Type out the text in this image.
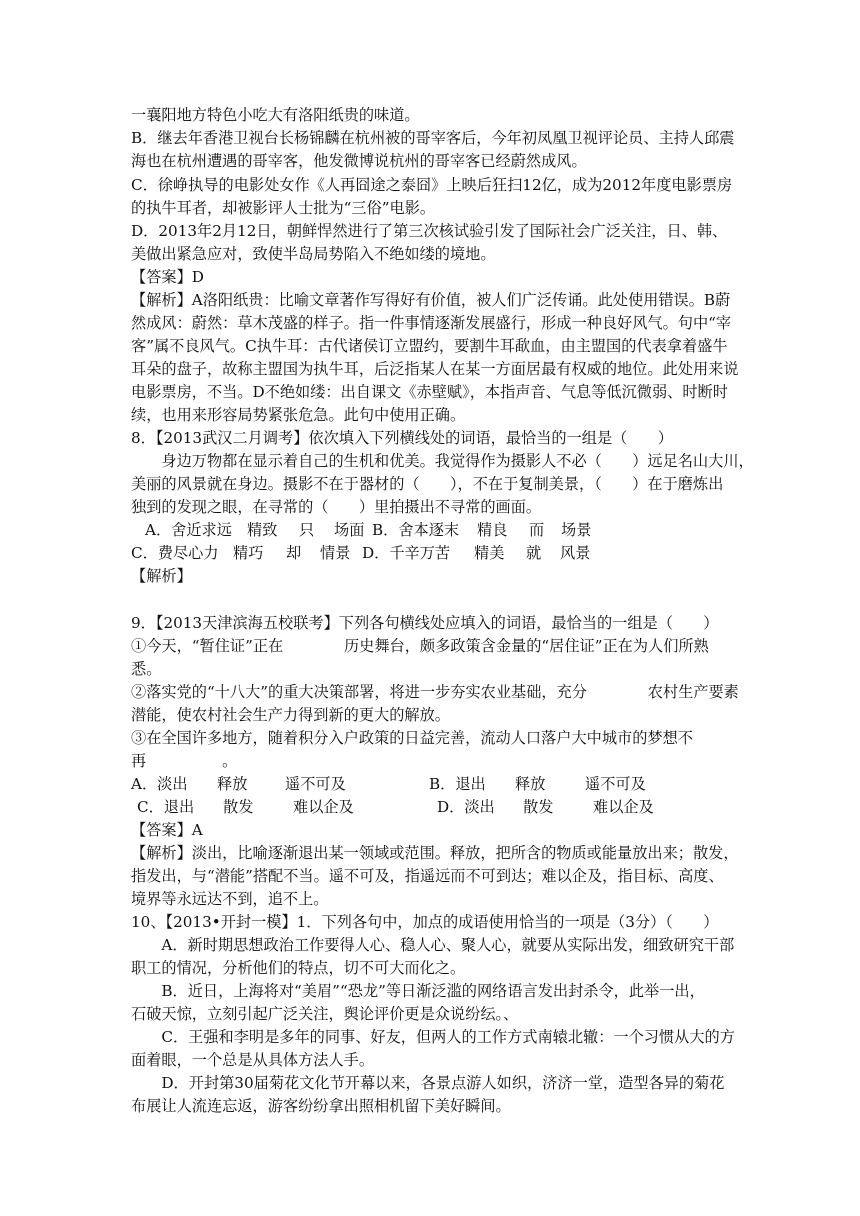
一襄阳地方特色小吃大有洛阳纸贵的味道。
B．继去年香港卫视台长杨锦麟在杭州被的哥宰客后，今年初凤凰卫视评论员、主持人邱震
海也在杭州遭遇的哥宰客，他发微博说杭州的哥宰客已经蔚然成风。
C．徐峥执导的电影处女作《人再囧途之泰囧》上映后狂扫12亿，成为2012年度电影票房
的执牛耳者，却被影评人士批为“三俗”电影。
D．2013年2月12日，朝鲜悍然进行了第三次核试验引发了国际社会广泛关注，日、韩、
美做出紧急应对，致使半岛局势陷入不绝如缕的境地。
【答案】D
【解析】A洛阳纸贵：比喻文章著作写得好有价值，被人们广泛传诵。此处使用错误。B蔚
然成风：蔚然：草木茂盛的样子。指一件事情逐渐发展盛行，形成一种良好风气。句中“宰
客”属不良风气。C执牛耳：古代诸侯订立盟约，要割牛耳歃血，由主盟国的代表拿着盛牛
耳朵的盘子，故称主盟国为执牛耳，后泛指某人在某一方面居最有权威的地位。此处用来说
电影票房，不当。D不绝如缕：出自课文《赤壁赋》，本指声音、气息等低沉微弱、时断时
续，也用来形容局势紧张危急。此句中使用正确。
8．【2013武汉二月调考】依次填入下列横线处的词语，最恰当的一组是（　　）
　　身边万物都在显示着自己的生机和优美。我觉得作为摄影人不必（　　）远足名山大川，
美丽的风景就在身边。摄影不在于器材的（　　），不在于复制美景，（　　）在于磨炼出
独到的发现之眼，在寻常的（　　）里拍摄出不寻常的画面。
A．舍近求远 精致 只 场面 B．舍本逐末 精良 而 场景
C．费尽心力 精巧 却 情景 D．千辛万苦 精美 就 风景
【解析】
9．【2013天津滨海五校联考】下列各句横线处应填入的词语，最恰当的一组是（　　）
①今天，“暂住证”正在　　　　历史舞台，颇多政策含金量的“居住证”正在为人们所熟
悉。
②落实党的“十八大”的重大决策部署，将进一步夯实农业基础，充分　　　　农村生产要素
潜能，使农村社会生产力得到新的更大的解放。
③在全国许多地方，随着积分入户政策的日益完善，流动人口落户大中城市的梦想不
再　　　　　。
A．淡出 释放 遥不可及	B．退出 释放	遥不可及
C．退出 散发	难以企及	D．淡出 散发	难以企及
【答案】A
【解析】淡出，比喻逐渐退出某一领域或范围。释放，把所含的物质或能量放出来；散发，
指发出，与“潜能”搭配不当。遥不可及，指遥远而不可到达；难以企及，指目标、高度、
境界等永远达不到，追不上。
10、【2013•开封一模】1．下列各句中，加点的成语使用恰当的一项是（3分）（　　）
　　A．新时期思想政治工作要得人心、稳人心、聚人心，就要从实际出发，细致研究干部
职工的情况，分析他们的特点，切不可大而化之。
　　B．近日，上海将对“美眉”“恐龙”等日渐泛滥的网络语言发出封杀令，此举一出，
石破天惊，立刻引起广泛关注，舆论评价更是众说纷纭。、
　　C．王强和李明是多年的同事、好友，但两人的工作方式南辕北辙：一个习惯从大的方
面着眼，一个总是从具体方法人手。
　　D．开封第30届菊花文化节开幕以来，各景点游人如织，济济一堂，造型各异的菊花
布展让人流连忘返，游客纷纷拿出照相机留下美好瞬间。
